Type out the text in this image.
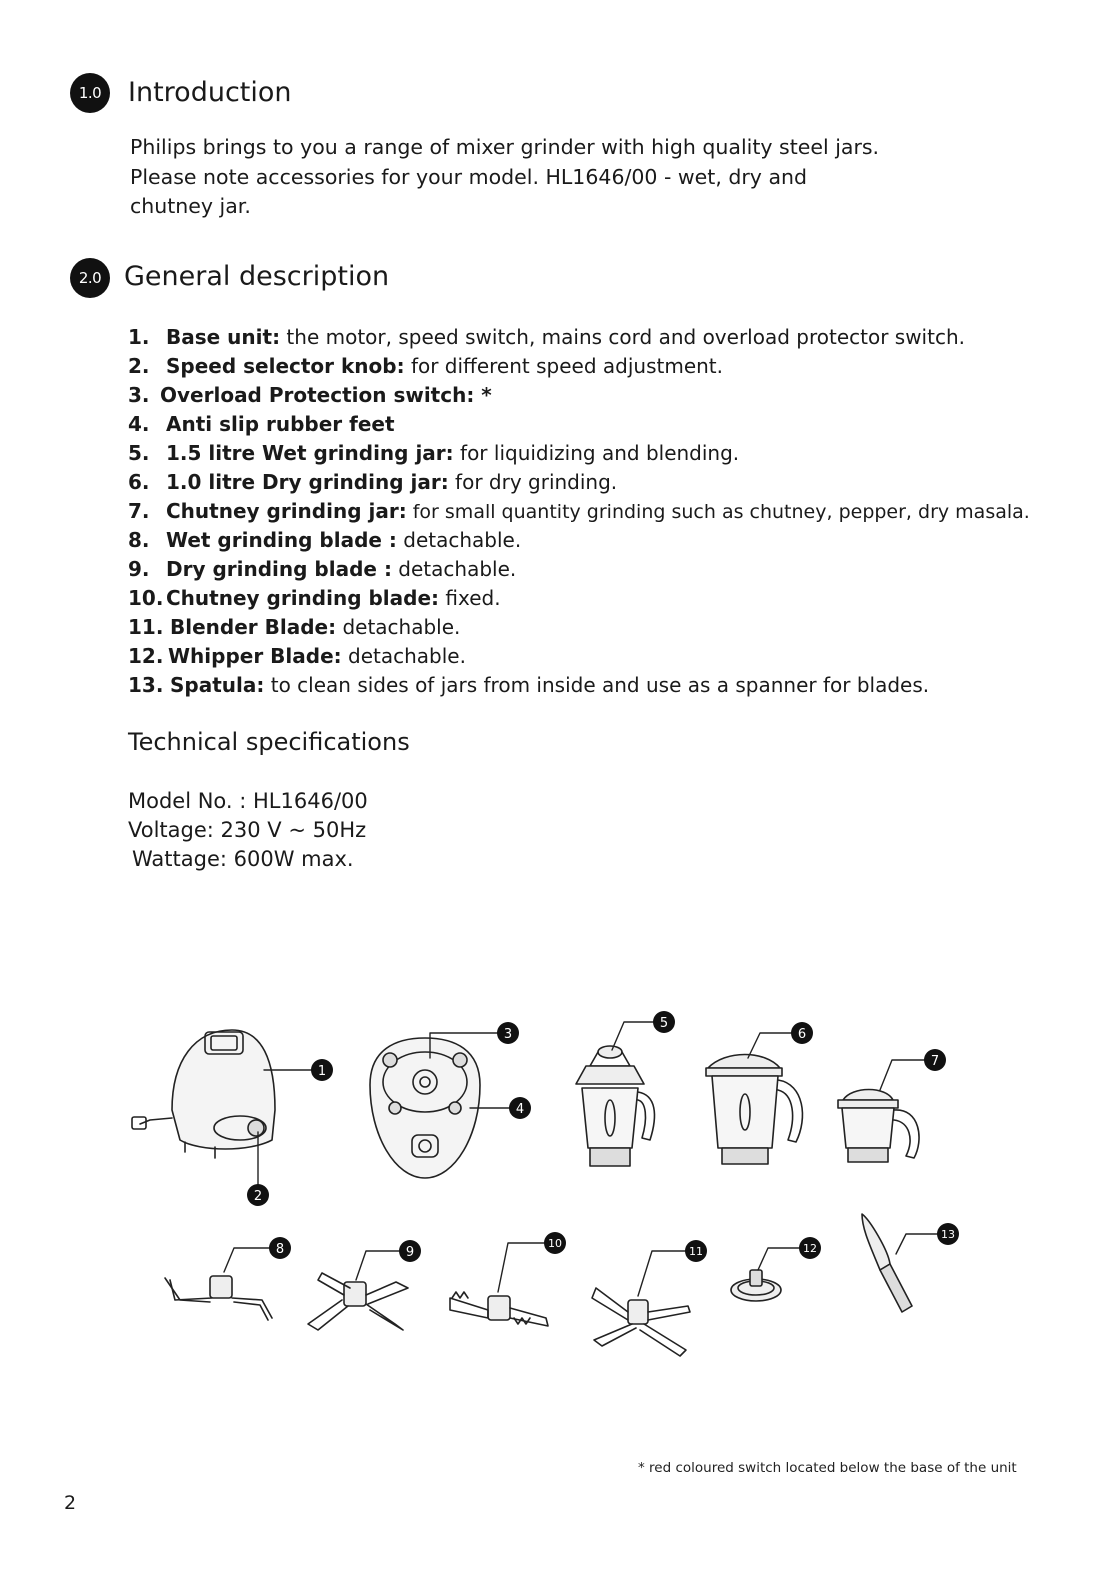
1.0 Introduction
Philips brings to you a range of mixer grinder with high quality steel jars.
Please note accessories for your model. HL1646/00 - wet, dry and
chutney jar.
2.0 General description
1. Base unit: the motor, speed switch, mains cord and overload protector switch.
2. Speed selector knob: for different speed adjustment.
3. Overload Protection switch: *
4. Anti slip rubber feet
5. 1.5 litre Wet grinding jar: for liquidizing and blending.
6. 1.0 litre Dry grinding jar: for dry grinding.
7. Chutney grinding jar: for small quantity grinding such as chutney, pepper, dry masala.
8. Wet grinding blade : detachable.
9. Dry grinding blade : detachable.
10. Chutney grinding blade: fixed.
11. Blender Blade: detachable.
12. Whipper Blade: detachable.
13. Spatula: to clean sides of jars from inside and use as a spanner for blades.
Technical specifications
Model No. : HL1646/00
Voltage: 230 V ~ 50Hz
Wattage: 600W max.
1
2
3
4
5
6
7
8	9
10
11	12
13
* red coloured switch located below the base of the unit
2
